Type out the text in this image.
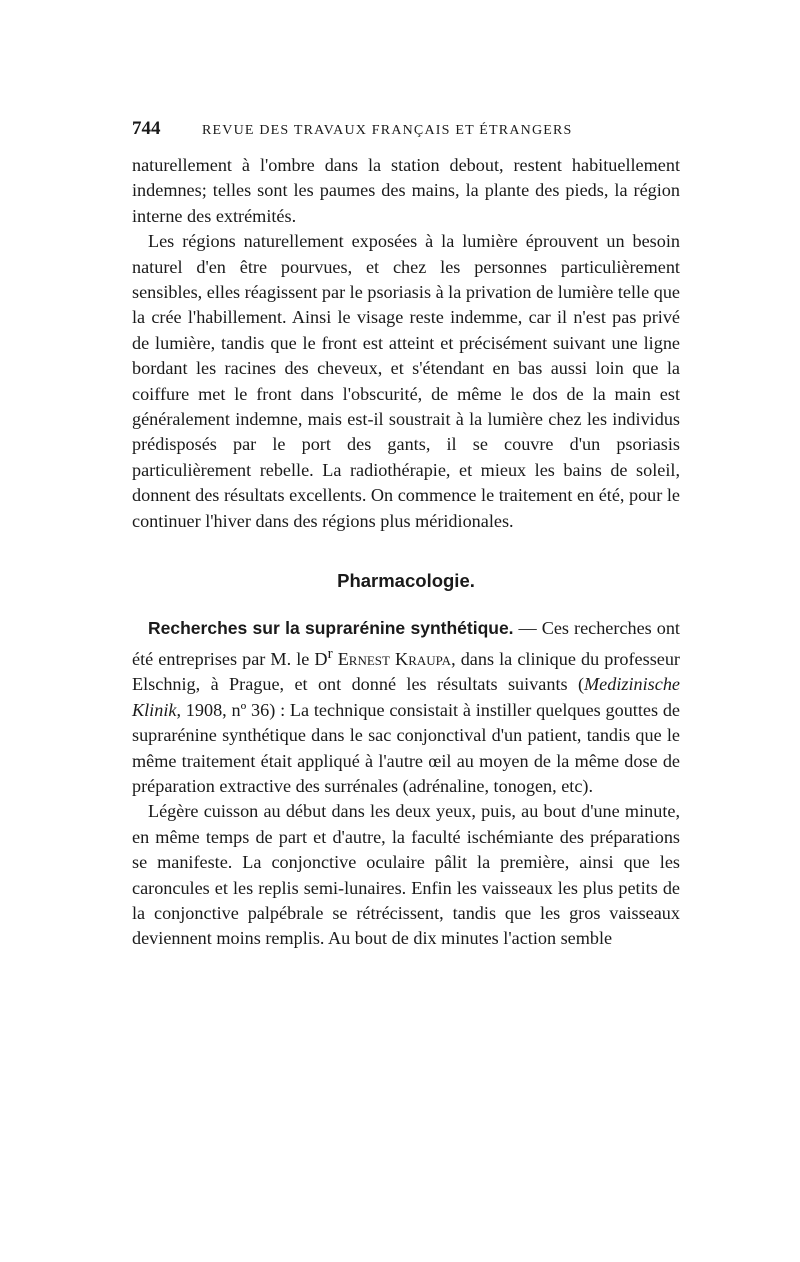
744	REVUE DES TRAVAUX FRANÇAIS ET ÉTRANGERS

naturellement à l'ombre dans la station debout, restent habituellement indemnes; telles sont les paumes des mains, la plante des pieds, la région interne des extrémités.

Les régions naturellement exposées à la lumière éprouvent un besoin naturel d'en être pourvues, et chez les personnes particulièrement sensibles, elles réagissent par le psoriasis à la privation de lumière telle que la crée l'habillement. Ainsi le visage reste indemme, car il n'est pas privé de lumière, tandis que le front est atteint et précisément suivant une ligne bordant les racines des cheveux, et s'étendant en bas aussi loin que la coiffure met le front dans l'obscurité, de même le dos de la main est généralement indemne, mais est-il soustrait à la lumière chez les individus prédisposés par le port des gants, il se couvre d'un psoriasis particulièrement rebelle. La radiothérapie, et mieux les bains de soleil, donnent des résultats excellents. On commence le traitement en été, pour le continuer l'hiver dans des régions plus méridionales.

Pharmacologie.

Recherches sur la suprarénine synthétique. — Ces recherches ont été entreprises par M. le $D^r$ Ernest Kraupa, dans la clinique du professeur Elschnig, à Prague, et ont donné les résultats suivants (Medizinische Klinik, 1908, nº 36) : La technique consistait à instiller quelques gouttes de suprarénine synthétique dans le sac conjonctival d'un patient, tandis que le même traitement était appliqué à l'autre œil au moyen de la même dose de préparation extractive des surrénales (adrénaline, tonogen, etc).

Légère cuisson au début dans les deux yeux, puis, au bout d'une minute, en même temps de part et d'autre, la faculté ischémiante des préparations se manifeste. La conjonctive oculaire pâlit la première, ainsi que les caroncules et les replis semi-lunaires. Enfin les vaisseaux les plus petits de la conjonctive palpébrale se rétrécissent, tandis que les gros vaisseaux deviennent moins remplis. Au bout de dix minutes l'action semble
